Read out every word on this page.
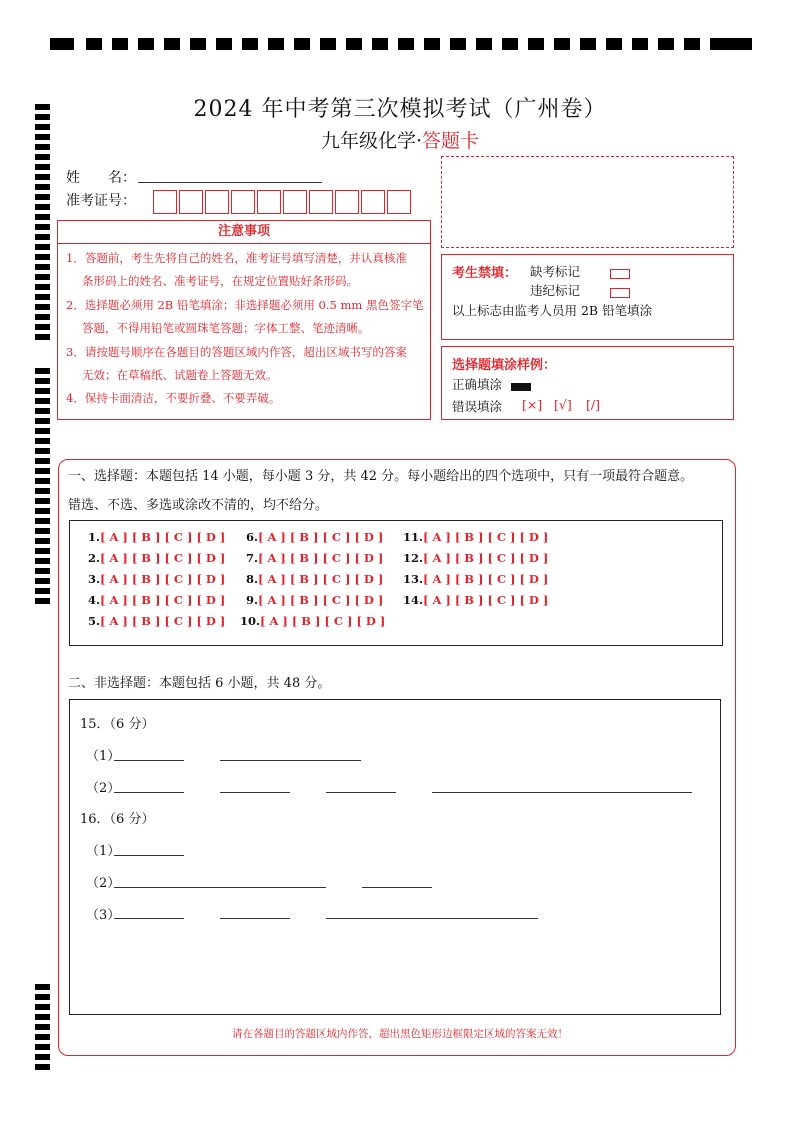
2024 年中考第三次模拟考试（广州卷）
九年级化学·答题卡
姓　　名：
准考证号：
注意事项
1．答题前，考生先将自己的姓名，准考证号填写清楚，并认真核准
条形码上的姓名、准考证号，在规定位置贴好条形码。
2．选择题必须用 2B 铅笔填涂；非选择题必须用 0.5 mm 黑色签字笔
答题，不得用铅笔或圆珠笔答题；字体工整、笔迹清晰。
3．请按题号顺序在各题目的答题区域内作答，超出区域书写的答案
无效；在草稿纸、试题卷上答题无效。
4．保持卡面清洁，不要折叠、不要弄破。
考生禁填： 缺考标记
违纪标记
以上标志由监考人员用 2B 铅笔填涂
选择题填涂样例：
正确填涂
错误填涂 [×] [√] [/]
一、选择题：本题包括 14 小题，每小题 3 分，共 42 分。每小题给出的四个选项中，只有一项最符合题意。
错选、不选、多选或涂改不清的，均不给分。
1.[ A ] [ B ] [ C ] [ D ]
2.[ A ] [ B ] [ C ] [ D ]
3.[ A ] [ B ] [ C ] [ D ]
4.[ A ] [ B ] [ C ] [ D ]
5.[ A ] [ B ] [ C ] [ D ]
6.[ A ] [ B ] [ C ] [ D ]
7.[ A ] [ B ] [ C ] [ D ]
8.[ A ] [ B ] [ C ] [ D ]
9.[ A ] [ B ] [ C ] [ D ]
10.[ A ] [ B ] [ C ] [ D ]
11.[ A ] [ B ] [ C ] [ D ]
12.[ A ] [ B ] [ C ] [ D ]
13.[ A ] [ B ] [ C ] [ D ]
14.[ A ] [ B ] [ C ] [ D ]
二、非选择题：本题包括 6 小题，共 48 分。
15．（6 分）
（1）
（2）
16．（6 分）
（1）
（2）
（3）
请在各题目的答题区域内作答，超出黑色矩形边框限定区域的答案无效！
